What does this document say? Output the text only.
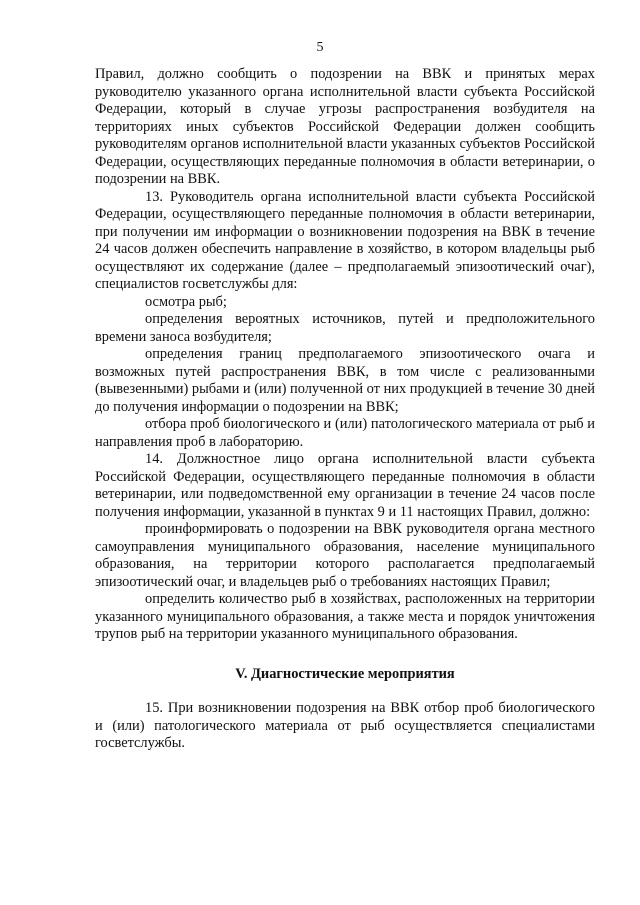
5

Правил, должно сообщить о подозрении на ВВК и принятых мерах руководителю указанного органа исполнительной власти субъекта Российской Федерации, который в случае угрозы распространения возбудителя на территориях иных субъектов Российской Федерации должен сообщить руководителям органов исполнительной власти указанных субъектов Российской Федерации, осуществляющих переданные полномочия в области ветеринарии, о подозрении на ВВК.

13. Руководитель органа исполнительной власти субъекта Российской Федерации, осуществляющего переданные полномочия в области ветеринарии, при получении им информации о возникновении подозрения на ВВК в течение 24 часов должен обеспечить направление в хозяйство, в котором владельцы рыб осуществляют их содержание (далее – предполагаемый эпизоотический очаг), специалистов госветслужбы для:

осмотра рыб;

определения вероятных источников, путей и предположительного времени заноса возбудителя;

определения границ предполагаемого эпизоотического очага и возможных путей распространения ВВК, в том числе с реализованными (вывезенными) рыбами и (или) полученной от них продукцией в течение 30 дней до получения информации о подозрении на ВВК;

отбора проб биологического и (или) патологического материала от рыб и направления проб в лабораторию.

14. Должностное лицо органа исполнительной власти субъекта Российской Федерации, осуществляющего переданные полномочия в области ветеринарии, или подведомственной ему организации в течение 24 часов после получения информации, указанной в пунктах 9 и 11 настоящих Правил, должно:

проинформировать о подозрении на ВВК руководителя органа местного самоуправления муниципального образования, население муниципального образования, на территории которого располагается предполагаемый эпизоотический очаг, и владельцев рыб о требованиях настоящих Правил;

определить количество рыб в хозяйствах, расположенных на территории указанного муниципального образования, а также места и порядок уничтожения трупов рыб на территории указанного муниципального образования.

V. Диагностические мероприятия

15. При возникновении подозрения на ВВК отбор проб биологического и (или) патологического материала от рыб осуществляется специалистами госветслужбы.
